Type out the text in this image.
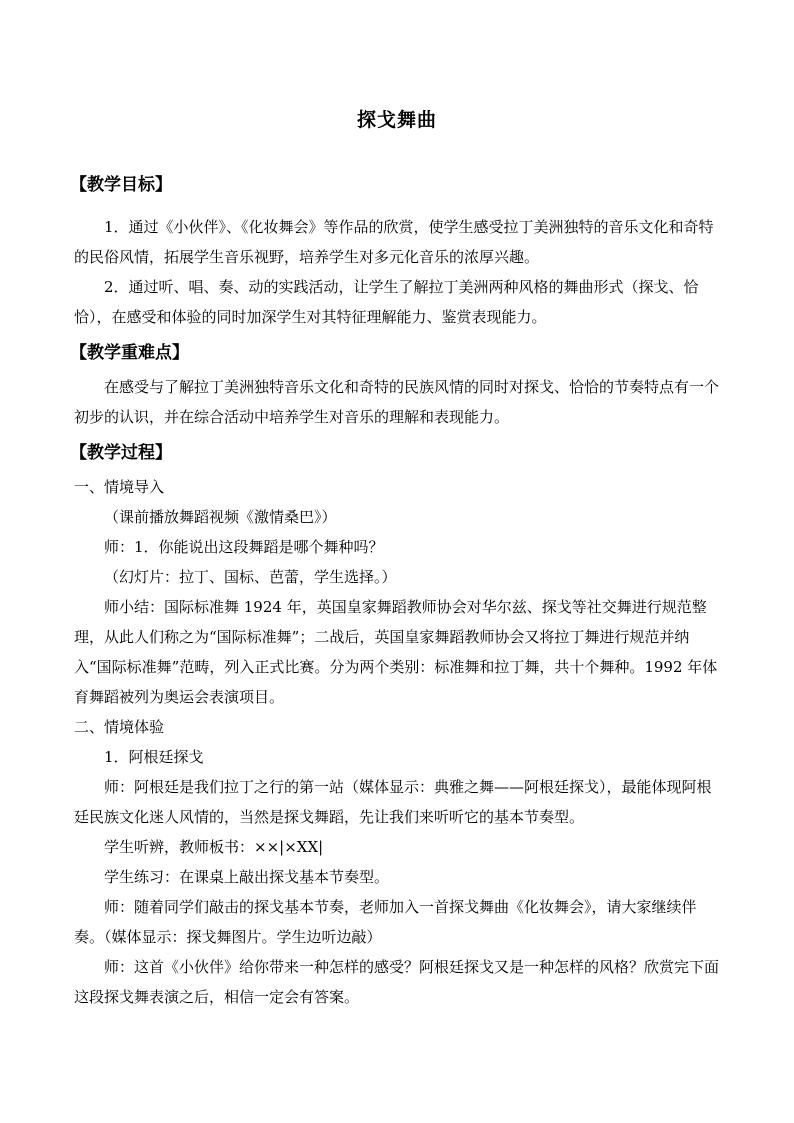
探戈舞曲
【教学目标】

1．通过《小伙伴》、《化妆舞会》等作品的欣赏，使学生感受拉丁美洲独特的音乐文化和奇特的民俗风情，拓展学生音乐视野，培养学生对多元化音乐的浓厚兴趣。

2．通过听、唱、奏、动的实践活动，让学生了解拉丁美洲两种风格的舞曲形式（探戈、恰恰），在感受和体验的同时加深学生对其特征理解能力、鉴赏表现能力。

【教学重难点】

在感受与了解拉丁美洲独特音乐文化和奇特的民族风情的同时对探戈、恰恰的节奏特点有一个初步的认识，并在综合活动中培养学生对音乐的理解和表现能力。

【教学过程】

一、情境导入

（课前播放舞蹈视频《激情桑巴》）

师：1．你能说出这段舞蹈是哪个舞种吗？

（幻灯片：拉丁、国标、芭蕾，学生选择。）

师小结：国际标准舞 1924 年，英国皇家舞蹈教师协会对华尔兹、探戈等社交舞进行规范整理，从此人们称之为“国际标准舞”；二战后，英国皇家舞蹈教师协会又将拉丁舞进行规范并纳入“国际标准舞”范畴，列入正式比赛。分为两个类别：标准舞和拉丁舞，共十个舞种。1992 年体育舞蹈被列为奥运会表演项目。

二、情境体验

1．阿根廷探戈

师：阿根廷是我们拉丁之行的第一站（媒体显示：典雅之舞——阿根廷探戈），最能体现阿根廷民族文化迷人风情的，当然是探戈舞蹈，先让我们来听听它的基本节奏型。

学生听辨，教师板书：××|×XX|

学生练习：在课桌上敲出探戈基本节奏型。

师：随着同学们敲击的探戈基本节奏，老师加入一首探戈舞曲《化妆舞会》，请大家继续伴奏。（媒体显示：探戈舞图片。学生边听边敲）

师：这首《小伙伴》给你带来一种怎样的感受？阿根廷探戈又是一种怎样的风格？欣赏完下面这段探戈舞表演之后，相信一定会有答案。
